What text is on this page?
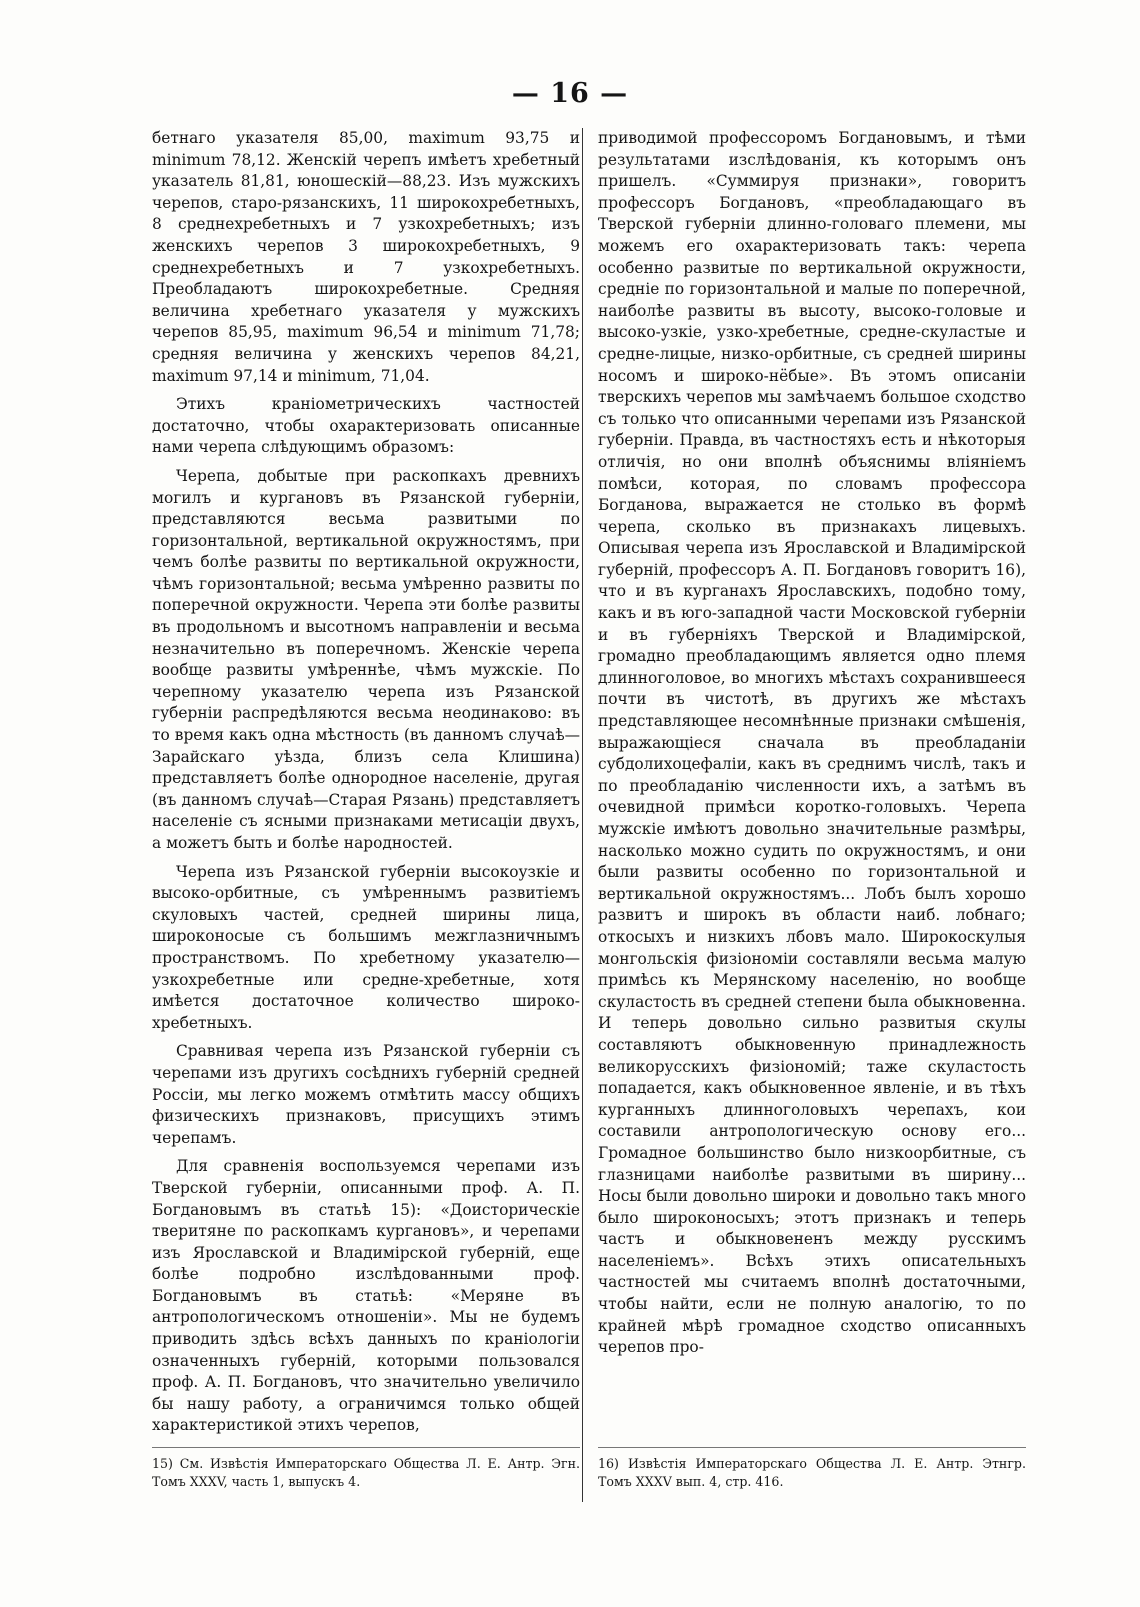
— 16 —

бетнаго указателя 85,00, maximum 93,75 и minimum 78,12. Женскій черепъ имѣетъ хребетный указатель 81,81, юношескій—88,23. Изъ мужскихъ черепов, старо-рязанскихъ, 11 широкохребетныхъ, 8 среднехребетныхъ и 7 узкохребетныхъ; изъ женскихъ черепов 3 широкохребетныхъ, 9 среднехребетныхъ и 7 узкохребетныхъ. Преобладаютъ широкохребетные. Средняя величина хребетнаго указателя у мужскихъ черепов 85,95, maximum 96,54 и minimum 71,78; средняя величина у женскихъ черепов 84,21, maximum 97,14 и minimum, 71,04.

Этихъ краніометрическихъ частностей достаточно, чтобы охарактеризовать описанные нами черепа слѣдующимъ образомъ:

Черепа, добытые при раскопкахъ древнихъ могилъ и кургановъ въ Рязанской губерніи, представляются весьма развитыми по горизонтальной, вертикальной окружностямъ, при чемъ болѣе развиты по вертикальной окружности, чѣмъ горизонтальной; весьма умѣренно развиты по поперечной окружности. Черепа эти болѣе развиты въ продольномъ и высотномъ направленіи и весьма незначительно въ поперечномъ. Женскіе черепа вообще развиты умѣреннѣе, чѣмъ мужскіе. По черепному указателю черепа изъ Рязанской губерніи распредѣляются весьма неодинаково: въ то время какъ одна мѣстность (въ данномъ случаѣ—Зарайскаго уѣзда, близъ села Клишина) представляетъ болѣе однородное населеніе, другая (въ данномъ случаѣ—Старая Рязань) представляетъ населеніе съ ясными признаками метисаціи двухъ, а можетъ быть и болѣе народностей.

Черепа изъ Рязанской губерніи высокоузкіе и высоко-орбитные, съ умѣреннымъ развитіемъ скуловыхъ частей, средней ширины лица, широконосые съ большимъ межглазничнымъ пространствомъ. По хребетному указателю—узкохребетные или средне-хребетные, хотя имѣется достаточное количество широко-хребетныхъ.

Сравнивая черепа изъ Рязанской губерніи съ черепами изъ другихъ сосѣднихъ губерній средней Россіи, мы легко можемъ отмѣтить массу общихъ физическихъ признаковъ, присущихъ этимъ черепамъ.

Для сравненія воспользуемся черепами изъ Тверской губерніи, описанными проф. А. П. Богдановымъ въ статьѣ 15): «Доисторическіе тверитяне по раскопкамъ кургановъ», и черепами изъ Ярославской и Владимірской губерній, еще болѣе подробно изслѣдованными проф. Богдановымъ въ статьѣ: «Меряне въ антропологическомъ отношеніи». Мы не будемъ приводить здѣсь всѣхъ данныхъ по краніологіи означенныхъ губерній, которыми пользовался проф. А. П. Богдановъ, что значительно увеличило бы нашу работу, а ограничимся только общей характеристикой этихъ черепов,

приводимой профессоромъ Богдановымъ, и тѣми результатами изслѣдованія, къ которымъ онъ пришелъ. «Суммируя признаки», говоритъ профессоръ Богдановъ, «преобладающаго въ Тверской губерніи длинно-головаго племени, мы можемъ его охарактеризовать такъ: черепа особенно развитые по вертикальной окружности, средніе по горизонтальной и малые по поперечной, наиболѣе развиты въ высоту, высоко-головые и высоко-узкіе, узко-хребетные, средне-скуластые и средне-лицые, низко-орбитные, съ средней ширины носомъ и широко-нёбые». Въ этомъ описаніи тверскихъ черепов мы замѣчаемъ большое сходство съ только что описанными черепами изъ Рязанской губерніи. Правда, въ частностяхъ есть и нѣкоторыя отличія, но они вполнѣ объяснимы вліяніемъ помѣси, которая, по словамъ профессора Богданова, выражается не столько въ формѣ черепа, сколько въ признакахъ лицевыхъ. Описывая черепа изъ Ярославской и Владимірской губерній, профессоръ А. П. Богдановъ говоритъ 16), что и въ курганахъ Ярославскихъ, подобно тому, какъ и въ юго-западной части Московской губерніи и въ губерніяхъ Тверской и Владимірской, громадно преобладающимъ является одно племя длинноголовое, во многихъ мѣстахъ сохранившееся почти въ чистотѣ, въ другихъ же мѣстахъ представляющее несомнѣнные признаки смѣшенія, выражающіеся сначала въ преобладаніи субдолихоцефаліи, какъ въ среднимъ числѣ, такъ и по преобладанію численности ихъ, а затѣмъ въ очевидной примѣси коротко-головыхъ. Черепа мужскіе имѣютъ довольно значительные размѣры, насколько можно судить по окружностямъ, и они были развиты особенно по горизонтальной и вертикальной окружностямъ... Лобъ былъ хорошо развитъ и широкъ въ области наиб. лобнаго; откосыхъ и низкихъ лбовъ мало. Широкоскулыя монгольскія физіономіи составляли весьма малую примѣсь къ Мерянскому населенію, но вообще скуластость въ средней степени была обыкновенна. И теперь довольно сильно развитыя скулы составляютъ обыкновенную принадлежность великорусскихъ физіономій; таже скуластость попадается, какъ обыкновенное явленіе, и въ тѣхъ курганныхъ длинноголовыхъ черепахъ, кои составили антропологическую основу его... Громадное большинство было низкоорбитные, съ глазницами наиболѣе развитыми въ ширину... Носы были довольно широки и довольно такъ много было широконосыхъ; этотъ признакъ и теперь частъ и обыкновененъ между русскимъ населеніемъ». Всѣхъ этихъ описательныхъ частностей мы считаемъ вполнѣ достаточными, чтобы найти, если не полную аналогію, то по крайней мѣрѣ громадное сходство описанныхъ черепов про-

15) См. Извѣстія Императорскаго Общества Л. Е. Антр. Эгн. Томъ XXXV, часть 1, выпускъ 4.
16) Извѣстія Императорскаго Общества Л. Е. Антр. Этнгр. Томъ XXXV вып. 4, стр. 416.
